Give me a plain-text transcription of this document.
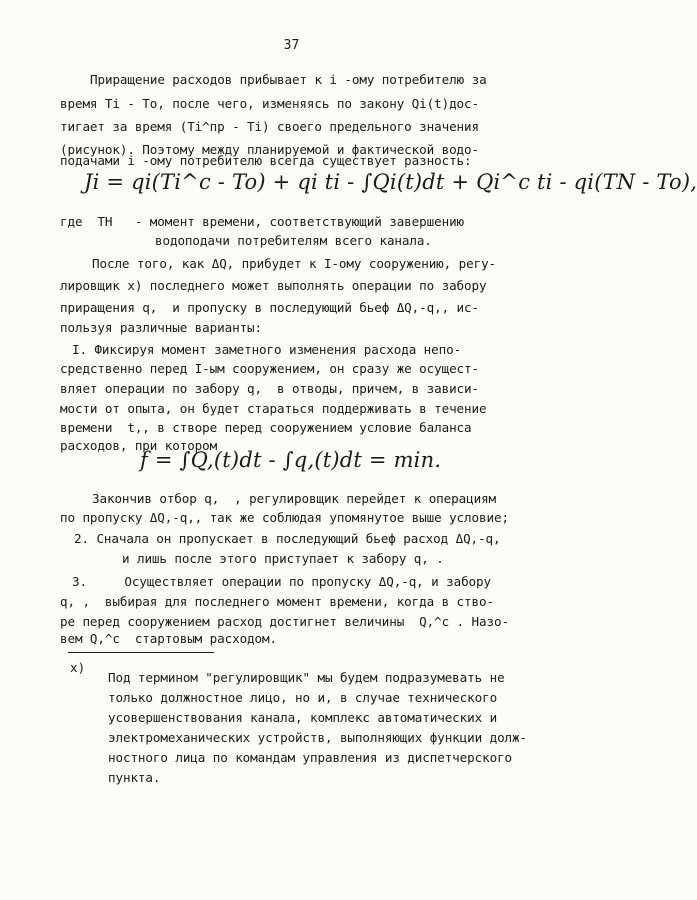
37
Приращение расходов прибывает к i -ому потребителю за
время Ti - To, после чего, изменяясь по закону Qi(t)дос-
тигает за время (Ti^пр - Ti) своего предельного значения
(рисунок). Поэтому между планируемой и фактической водо-
подачами i -ому потребителю всегда существует разность:
Ji = qi(Ti^c - To) + qi ti - ∫Qi(t)dt + Qi^c ti - qi(TN - To),
где  TH   - момент времени, соответствующий завершению
водоподачи потребителям всего канала.
После того, как ΔQ, прибудет к I-ому сооружению, регу-
лировщик x) последнего может выполнять операции по забору
приращения q,  и пропуску в последующий бьеф ΔQ,-q,, ис-
пользуя различные варианты:
I. Фиксируя момент заметного изменения расхода непо-
средственно перед I-ым сооружением, он сразу же осущест-
вляет операции по забору q,  в отводы, причем, в зависи-
мости от опыта, он будет стараться поддерживать в течение
времени  t,, в створе перед сооружением условие баланса
расходов, при котором
f = ∫Q,(t)dt - ∫q,(t)dt = min.
Закончив отбор q,  , регулировщик перейдет к операциям
по пропуску ΔQ,-q,, так же соблюдая упомянутое выше условие;
2. Сначала он пропускает в последующий бьеф расход ΔQ,-q,
и лишь после этого приступает к забору q, .
3.     Осуществляет операции по пропуску ΔQ,-q, и забору
q, ,  выбирая для последнего момент времени, когда в ство-
ре перед сооружением расход достигнет величины  Q,^c . Назо-
вем Q,^c  стартовым расходом.
x)
Под термином "регулировщик" мы будем подразумевать не
только должностное лицо, но и, в случае технического
усовершенствования канала, комплекс автоматических и
электромеханических устройств, выполняющих функции долж-
ностного лица по командам управления из диспетчерского
пункта.
